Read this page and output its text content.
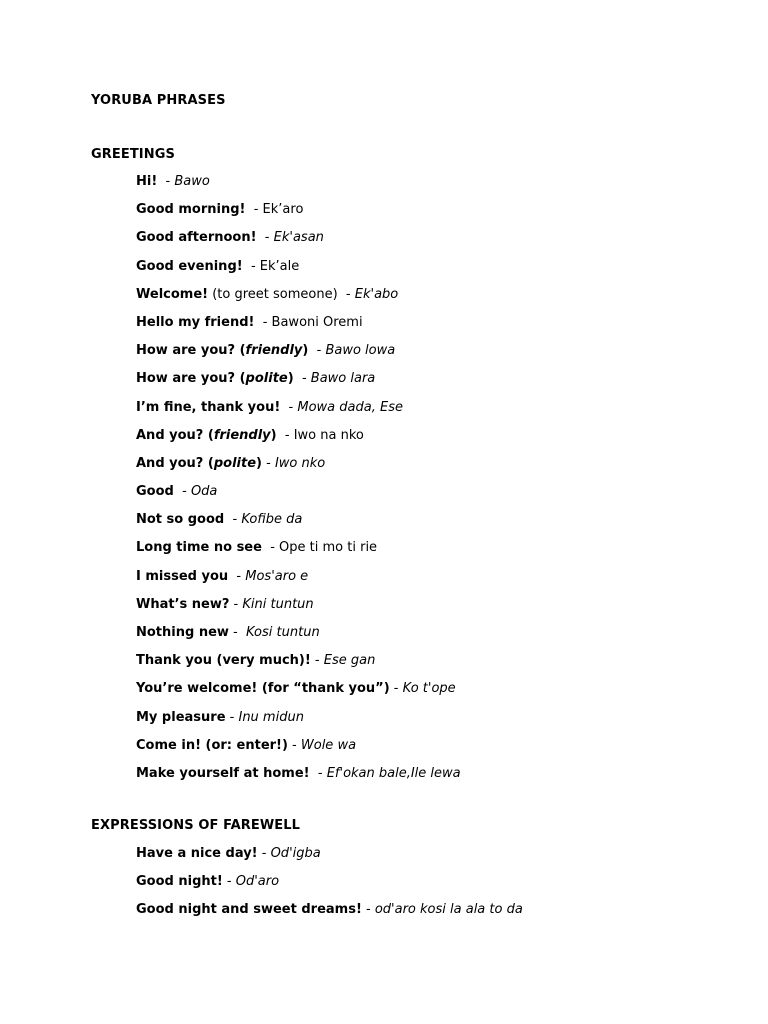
YORUBA PHRASES
GREETINGS
Hi!  - Bawo
Good morning!  - Ek’aro
Good afternoon!  - Ek'asan
Good evening!  - Ek’ale
Welcome! (to greet someone)  - Ek'abo
Hello my friend!  - Bawoni Oremi
How are you? (friendly)  - Bawo lowa
How are you? (polite)  - Bawo lara
I’m fine, thank you!  - Mowa dada, Ese
And you? (friendly)  - Iwo na nko
And you? (polite) - Iwo nko
Good  - Oda
Not so good  - Kofibe da
Long time no see  - Ope ti mo ti rie
I missed you  - Mos'aro e
What’s new? - Kini tuntun
Nothing new -  Kosi tuntun
Thank you (very much)! - Ese gan
You’re welcome! (for “thank you”) - Ko t'ope
My pleasure - Inu midun
Come in! (or: enter!) - Wole wa
Make yourself at home!  - Ef'okan bale,Ile lewa
EXPRESSIONS OF FAREWELL
Have a nice day! - Od'igba
Good night! - Od'aro
Good night and sweet dreams! - od'aro kosi la ala to da
